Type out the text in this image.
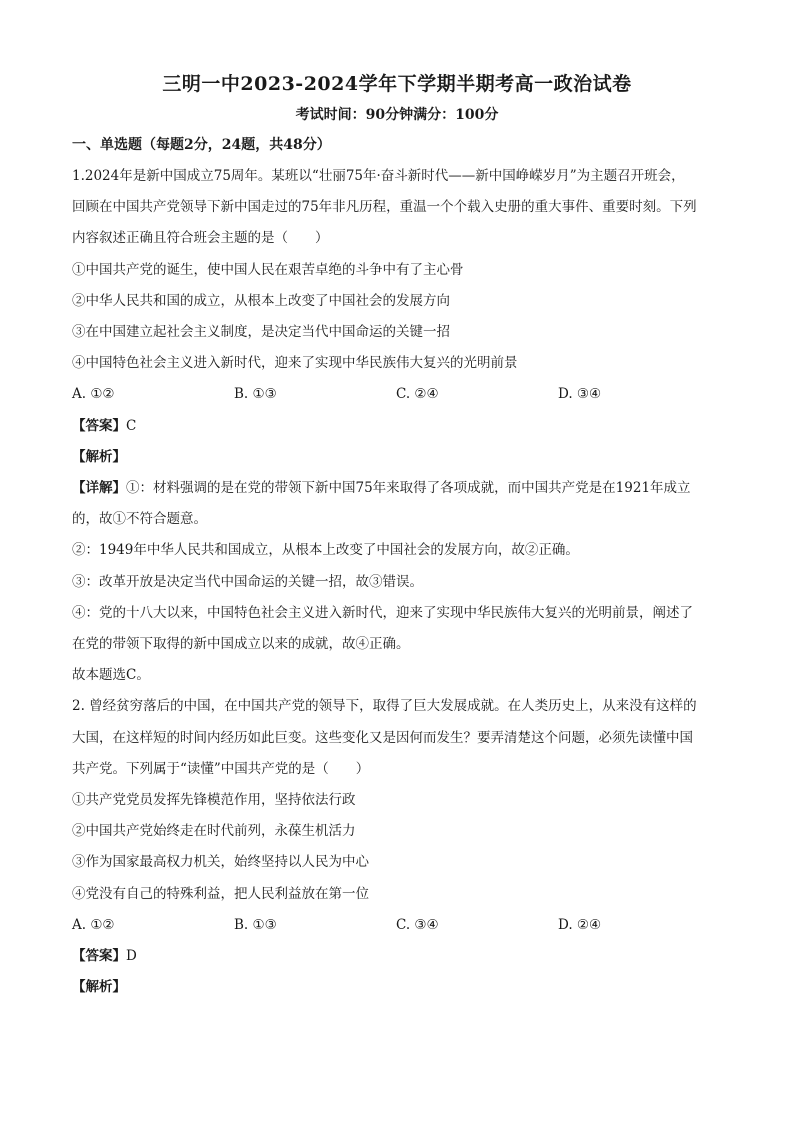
三明一中2023-2024学年下学期半期考高一政治试卷
考试时间：90分钟满分：100分
一、单选题（每题2分，24题，共48分）
1.2024年是新中国成立75周年。某班以“壮丽75年·奋斗新时代——新中国峥嵘岁月”为主题召开班会，
回顾在中国共产党领导下新中国走过的75年非凡历程，重温一个个载入史册的重大事件、重要时刻。下列
内容叙述正确且符合班会主题的是（　　）
①中国共产党的诞生，使中国人民在艰苦卓绝的斗争中有了主心骨
②中华人民共和国的成立，从根本上改变了中国社会的发展方向
③在中国建立起社会主义制度，是决定当代中国命运的关键一招
④中国特色社会主义进入新时代，迎来了实现中华民族伟大复兴的光明前景
A. ①②	B. ①③	C. ②④	D. ③④
【答案】C
【解析】
【详解】①：材料强调的是在党的带领下新中国75年来取得了各项成就，而中国共产党是在1921年成立
的，故①不符合题意。
②：1949年中华人民共和国成立，从根本上改变了中国社会的发展方向，故②正确。
③：改革开放是决定当代中国命运的关键一招，故③错误。
④：党的十八大以来，中国特色社会主义进入新时代，迎来了实现中华民族伟大复兴的光明前景，阐述了
在党的带领下取得的新中国成立以来的成就，故④正确。
故本题选C。
2. 曾经贫穷落后的中国，在中国共产党的领导下，取得了巨大发展成就。在人类历史上，从来没有这样的
大国，在这样短的时间内经历如此巨变。这些变化又是因何而发生？要弄清楚这个问题，必须先读懂中国
共产党。下列属于“读懂”中国共产党的是（　　）
①共产党党员发挥先锋模范作用，坚持依法行政
②中国共产党始终走在时代前列，永葆生机活力
③作为国家最高权力机关，始终坚持以人民为中心
④党没有自己的特殊利益，把人民利益放在第一位
A. ①②	B. ①③	C. ③④	D. ②④
【答案】D
【解析】
